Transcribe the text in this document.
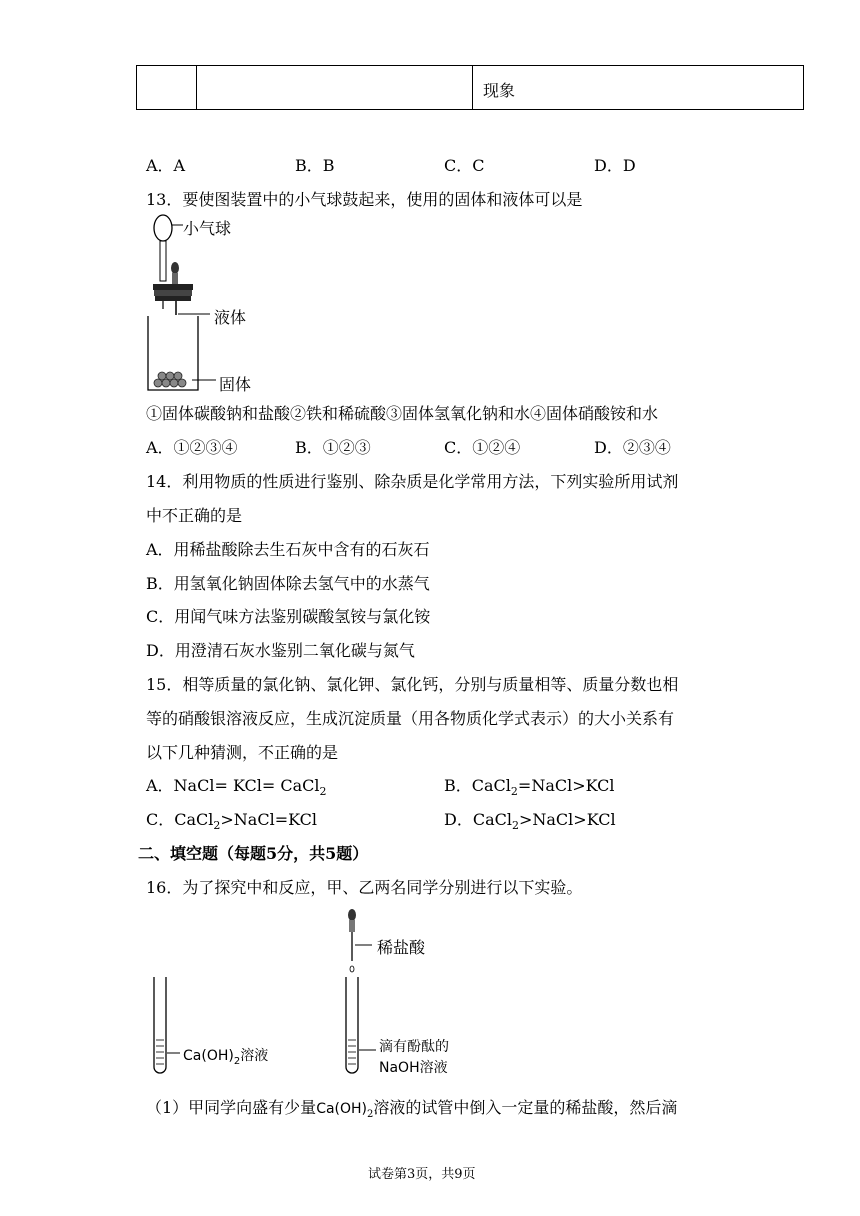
现象
A．A	B．B	C．C	D．D
13．要使图装置中的小气球鼓起来，使用的固体和液体可以是
小气球
液体
固体
①固体碳酸钠和盐酸②铁和稀硫酸③固体氢氧化钠和水④固体硝酸铵和水
A．①②③④	B．①②③	C．①②④	D．②③④
14．利用物质的性质进行鉴别、除杂质是化学常用方法，下列实验所用试剂
中不正确的是
A．用稀盐酸除去生石灰中含有的石灰石
B．用氢氧化钠固体除去氢气中的水蒸气
C．用闻气味方法鉴别碳酸氢铵与氯化铵
D．用澄清石灰水鉴别二氧化碳与氮气
15．相等质量的氯化钠、氯化钾、氯化钙，分别与质量相等、质量分数也相
等的硝酸银溶液反应，生成沉淀质量（用各物质化学式表示）的大小关系有
以下几种猜测，不正确的是
A．NaCl= KCl= CaCl$_2$	B．CaCl$_2$=NaCl>KCl
C．CaCl$_2$>NaCl=KCl	D．CaCl$_2$>NaCl>KCl
二、填空题（每题5分，共5题）
16．为了探究中和反应，甲、乙两名同学分别进行以下实验。
稀盐酸
$Ca(OH)_2$溶液
滴有酚酞的
NaOH溶液
（1）甲同学向盛有少量$Ca(OH)_2$溶液的试管中倒入一定量的稀盐酸，然后滴
试卷第3页，共9页
